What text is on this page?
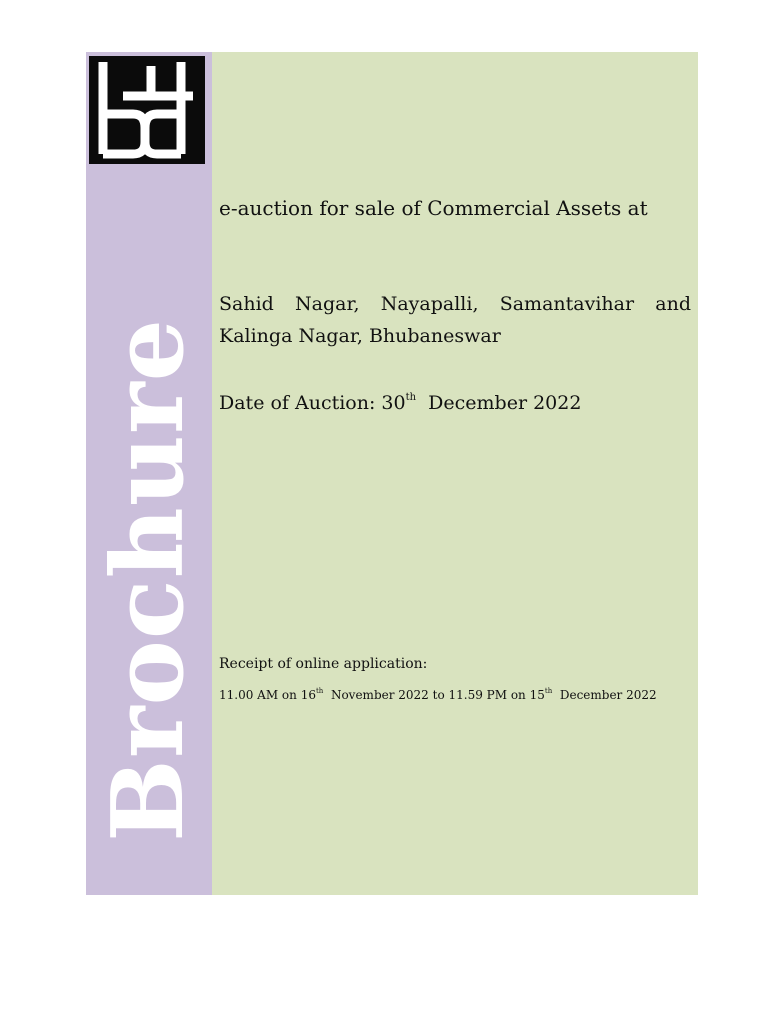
Brochure
e-auction for sale of Commercial Assets at
Sahid Nagar, Nayapalli, Samantavihar and
Kalinga Nagar, Bhubaneswar
Date of Auction: 30th December 2022
Receipt of online application:
11.00 AM on 16th November 2022 to 11.59 PM on 15th December 2022
